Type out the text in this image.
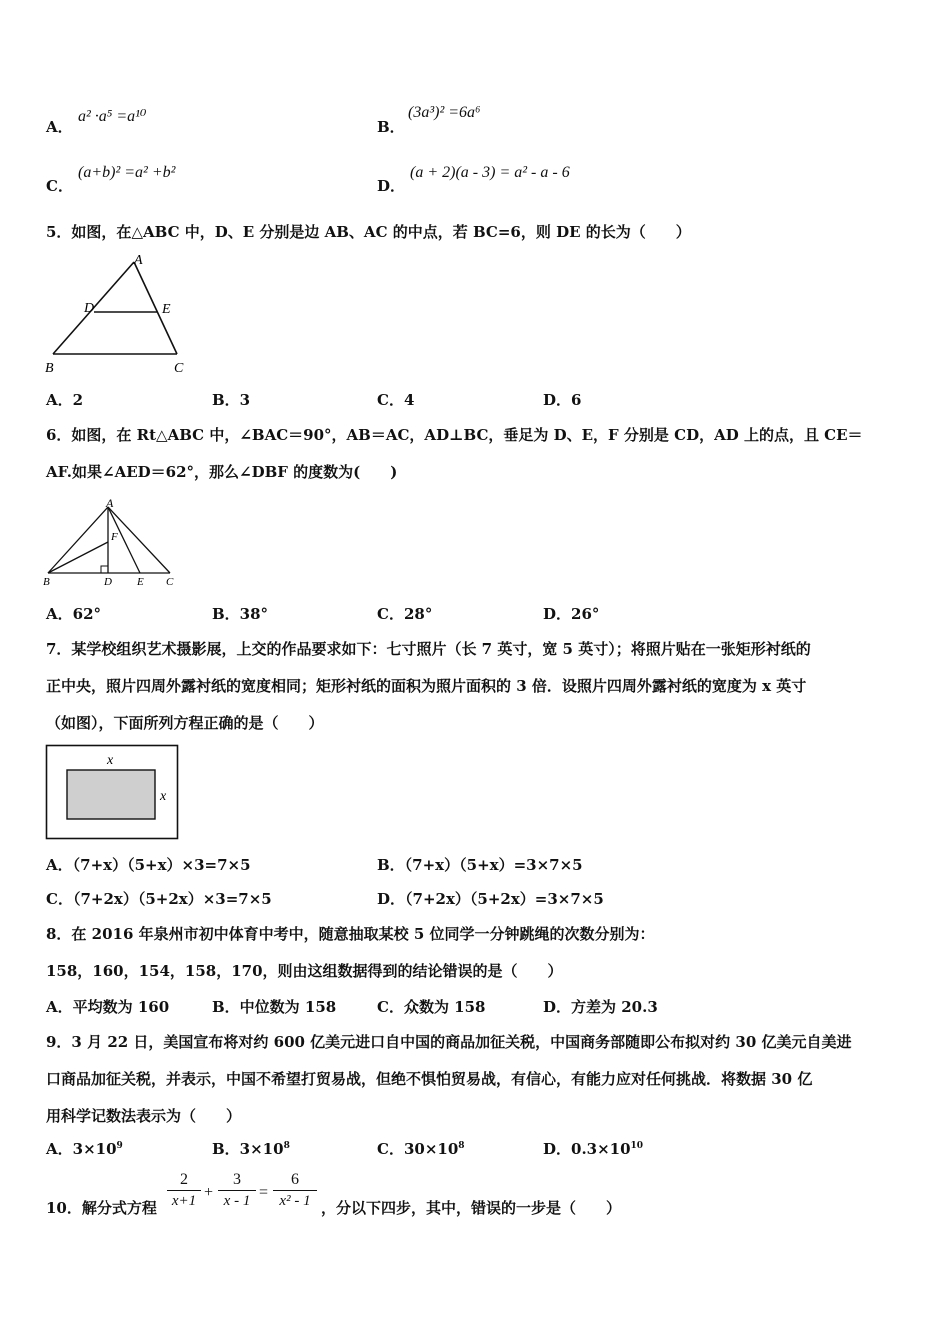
A．
a² ·a⁵ =a¹⁰
B．
(3a³)² =6a⁶
C．
(a+b)² =a² +b²
D．
(a + 2)(a - 3) = a² - a - 6
5．如图，在△ABC 中，D、E 分别是边 AB、AC 的中点，若 BC=6，则 DE 的长为（　　）
A
D	E
B	C
A．2	B．3	C．4	D．6
6．如图，在 Rt△ABC 中，∠BAC＝90°，AB＝AC，AD⊥BC，垂足为 D、E，F 分别是 CD，AD 上的点，且 CE＝
AF.如果∠AED＝62°，那么∠DBF 的度数为(　　)
A
F
B	D E C
A．62°	B．38°	C．28°	D．26°
7．某学校组织艺术摄影展，上交的作品要求如下：七寸照片（长 7 英寸，宽 5 英寸）；将照片贴在一张矩形衬纸的
正中央，照片四周外露衬纸的宽度相同；矩形衬纸的面积为照片面积的 3 倍．设照片四周外露衬纸的宽度为 x 英寸
（如图），下面所列方程正确的是（　　）
x
x
A．（7+x）（5+x）×3=7×5	B．（7+x）（5+x）=3×7×5
C．（7+2x）（5+2x）×3=7×5	D．（7+2x）（5+2x）=3×7×5
8．在 2016 年泉州市初中体育中考中，随意抽取某校 5 位同学一分钟跳绳的次数分别为：
158，160，154，158，170，则由这组数据得到的结论错误的是（　　）
A．平均数为 160	B．中位数为 158	C．众数为 158	D．方差为 20.3
9．3 月 22 日，美国宣布将对约 600 亿美元进口自中国的商品加征关税，中国商务部随即公布拟对约 30 亿美元自美进
口商品加征关税，并表示，中国不希望打贸易战，但绝不惧怕贸易战，有信心，有能力应对任何挑战．将数据 30 亿
用科学记数法表示为（　　）
A．$3\times 10^9$	B．$3\times 10^8$	C．$30\times 10^8$	D．$0.3\times 10^{10}$
10．解分式方程
2
x+1 +
3
x - 1 =
6
x² - 1 ，分以下四步，其中，错误的一步是（　　）
